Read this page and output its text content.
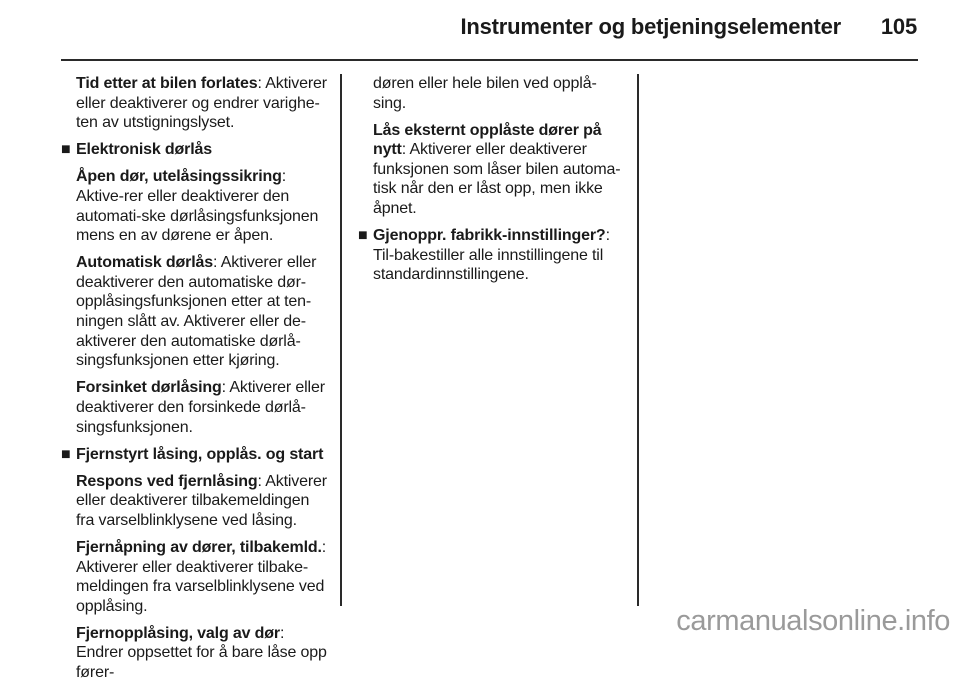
Instrumenter og betjeningselementer 105

Tid etter at bilen forlates: Aktiverer eller deaktiverer og endrer varighe-ten av utstigningslyset.

■ Elektronisk dørlås

Åpen dør, utelåsingssikring: Aktive-rer eller deaktiverer den automati-ske dørlåsingsfunksjonen mens en av dørene er åpen.

Automatisk dørlås: Aktiverer eller deaktiverer den automatiske dør-opplåsingsfunksjonen etter at ten-ningen slått av. Aktiverer eller de-aktiverer den automatiske dørlå-singsfunksjonen etter kjøring.

Forsinket dørlåsing: Aktiverer eller deaktiverer den forsinkede dørlå-singsfunksjonen.

■ Fjernstyrt låsing, opplås. og start

Respons ved fjernlåsing: Aktiverer eller deaktiverer tilbakemeldingen fra varselblinklysene ved låsing.

Fjernåpning av dører, tilbakemld.: Aktiverer eller deaktiverer tilbake-meldingen fra varselblinklysene ved opplåsing.

Fjernopplåsing, valg av dør: Endrer oppsettet for å bare låse opp fører-

døren eller hele bilen ved opplå-sing.

Lås eksternt opplåste dører på nytt: Aktiverer eller deaktiverer funksjonen som låser bilen automa-tisk når den er låst opp, men ikke åpnet.

■ Gjenoppr. fabrikk-innstillinger?: Til-bakestiller alle innstillingene til standardinnstillingene.
carmanualsonline.info
